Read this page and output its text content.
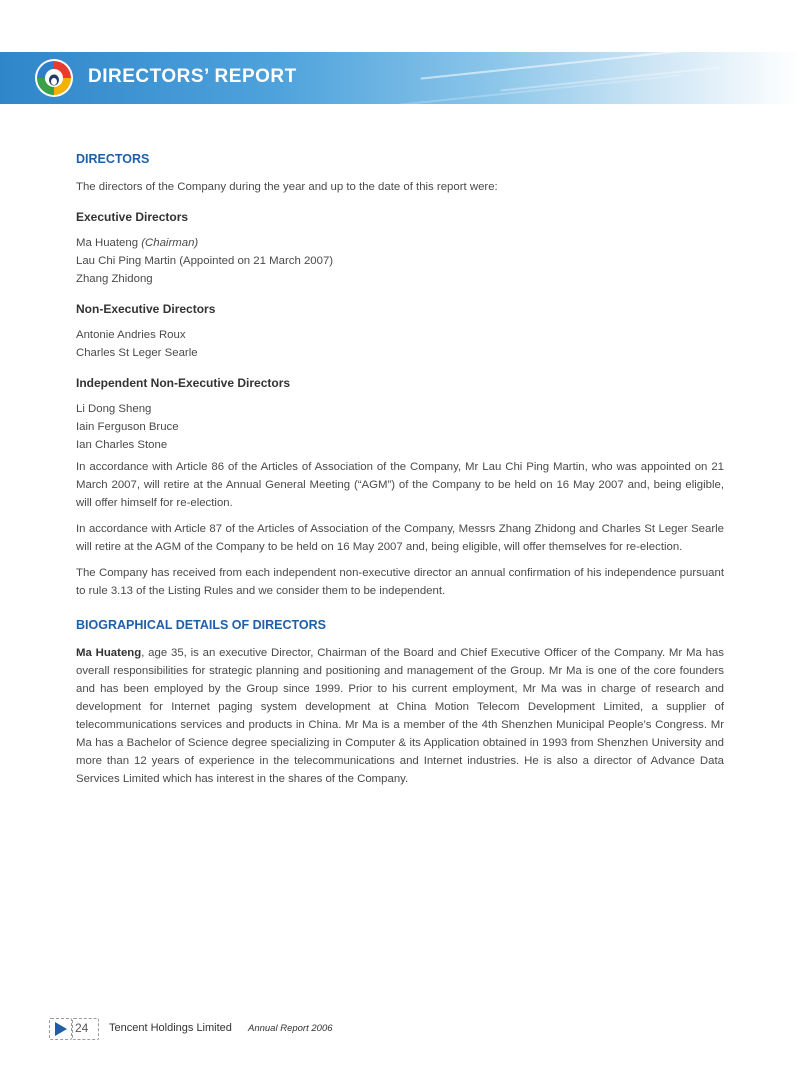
DIRECTORS’ REPORT
DIRECTORS

The directors of the Company during the year and up to the date of this report were:

Executive Directors
Ma Huateng (Chairman)
Lau Chi Ping Martin (Appointed on 21 March 2007)
Zhang Zhidong
Non-Executive Directors
Antonie Andries Roux
Charles St Leger Searle
Independent Non-Executive Directors
Li Dong Sheng
Iain Ferguson Bruce
Ian Charles Stone

In accordance with Article 86 of the Articles of Association of the Company, Mr Lau Chi Ping Martin, who was appointed on 21 March 2007, will retire at the Annual General Meeting (“AGM”) of the Company to be held on 16 May 2007 and, being eligible, will offer himself for re-election.

In accordance with Article 87 of the Articles of Association of the Company, Messrs Zhang Zhidong and Charles St Leger Searle will retire at the AGM of the Company to be held on 16 May 2007 and, being eligible, will offer themselves for re-election.

The Company has received from each independent non-executive director an annual confirmation of his independence pursuant to rule 3.13 of the Listing Rules and we consider them to be independent.

BIOGRAPHICAL DETAILS OF DIRECTORS

Ma Huateng, age 35, is an executive Director, Chairman of the Board and Chief Executive Officer of the Company. Mr Ma has overall responsibilities for strategic planning and positioning and management of the Group. Mr Ma is one of the core founders and has been employed by the Group since 1999. Prior to his current employment, Mr Ma was in charge of research and development for Internet paging system development at China Motion Telecom Development Limited, a supplier of telecommunications services and products in China. Mr Ma is a member of the 4th Shenzhen Municipal People’s Congress. Mr Ma has a Bachelor of Science degree specializing in Computer & its Application obtained in 1993 from Shenzhen University and more than 12 years of experience in the telecommunications and Internet industries. He is also a director of Advance Data Services Limited which has interest in the shares of the Company.

24 Tencent Holdings Limited Annual Report 2006
